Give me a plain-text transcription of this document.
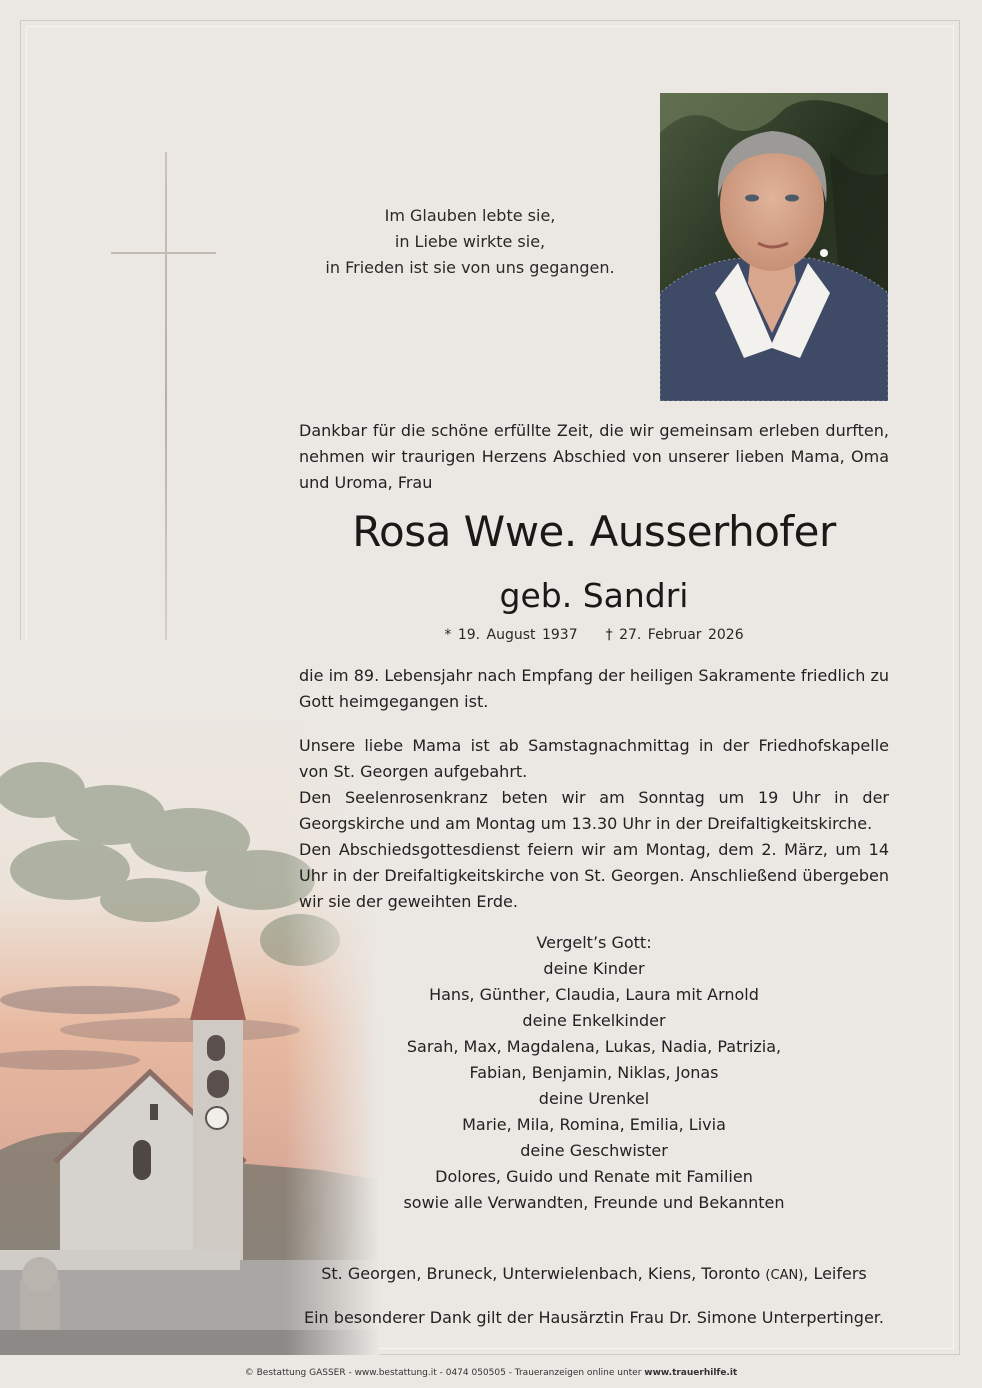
Im Glauben lebte sie,
in Liebe wirkte sie,
in Frieden ist sie von uns gegangen.
Dankbar für die schöne erfüllte Zeit, die wir gemeinsam erleben durften, nehmen wir traurigen Herzens Abschied von unserer lieben Mama, Oma und Uroma, Frau
Rosa Wwe. Ausserhofer
geb. Sandri
* 19. August 1937 † 27. Februar 2026
die im 89. Lebensjahr nach Empfang der heiligen Sakramente friedlich zu Gott heimgegangen ist.
Unsere liebe Mama ist ab Samstagnachmittag in der Friedhofskapelle von St. Georgen aufgebahrt.
Den Seelenrosenkranz beten wir am Sonntag um 19 Uhr in der Georgskirche und am Montag um 13.30 Uhr in der Dreifaltigkeitskirche.
Den Abschiedsgottesdienst feiern wir am Montag, dem 2. März, um 14 Uhr in der Dreifaltigkeitskirche von St. Georgen. Anschließend übergeben wir sie der geweihten Erde.
Vergelt’s Gott:
deine Kinder
Hans, Günther, Claudia, Laura mit Arnold
deine Enkelkinder
Sarah, Max, Magdalena, Lukas, Nadia, Patrizia,
Fabian, Benjamin, Niklas, Jonas
deine Urenkel
Marie, Mila, Romina, Emilia, Livia
deine Geschwister
Dolores, Guido und Renate mit Familien
sowie alle Verwandten, Freunde und Bekannten
St. Georgen, Bruneck, Unterwielenbach, Kiens, Toronto (CAN), Leifers
Ein besonderer Dank gilt der Hausärztin Frau Dr. Simone Unterpertinger.
© Bestattung GASSER - www.bestattung.it - 0474 050505 - Traueranzeigen online unter www.trauerhilfe.it
